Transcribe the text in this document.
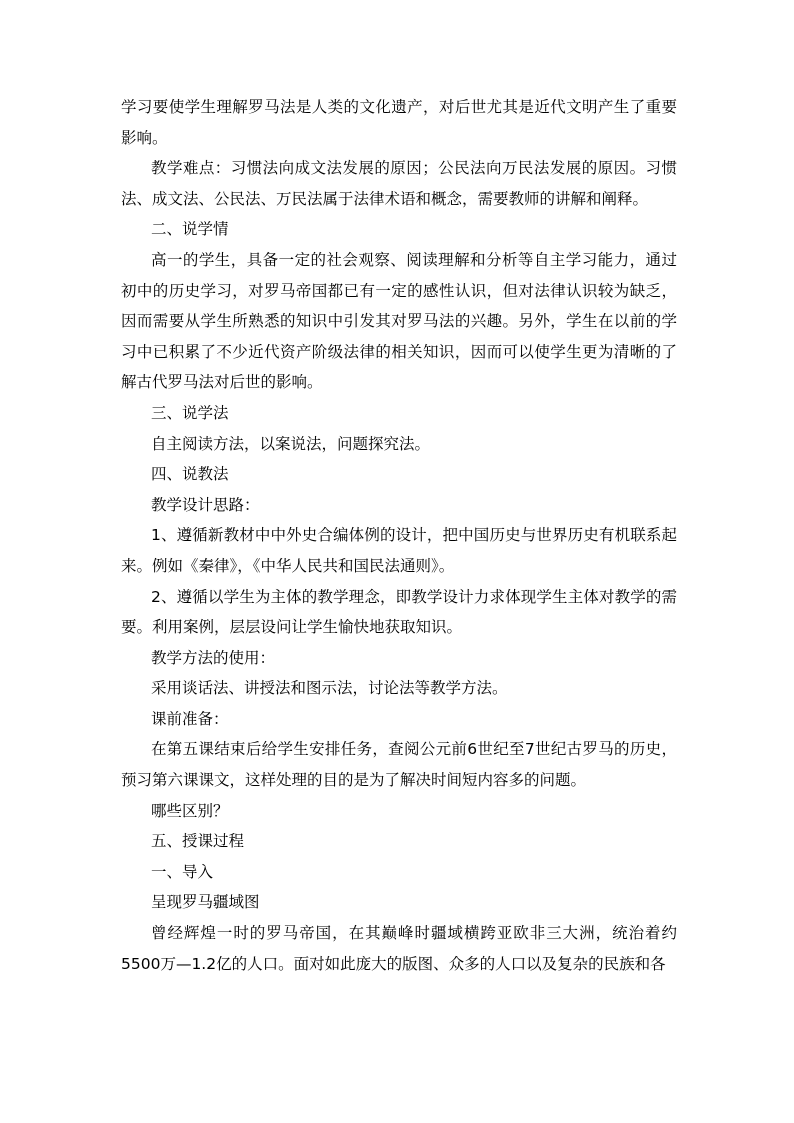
学习要使学生理解罗马法是人类的文化遗产，对后世尤其是近代文明产生了重要影响。

教学难点：习惯法向成文法发展的原因；公民法向万民法发展的原因。习惯法、成文法、公民法、万民法属于法律术语和概念，需要教师的讲解和阐释。

二、说学情

高一的学生，具备一定的社会观察、阅读理解和分析等自主学习能力，通过初中的历史学习，对罗马帝国都已有一定的感性认识，但对法律认识较为缺乏，因而需要从学生所熟悉的知识中引发其对罗马法的兴趣。另外，学生在以前的学习中已积累了不少近代资产阶级法律的相关知识，因而可以使学生更为清晰的了解古代罗马法对后世的影响。

三、说学法

自主阅读方法，以案说法，问题探究法。

四、说教法

教学设计思路：

1、遵循新教材中中外史合编体例的设计，把中国历史与世界历史有机联系起来。例如《秦律》，《中华人民共和国民法通则》。

2、遵循以学生为主体的教学理念，即教学设计力求体现学生主体对教学的需要。利用案例，层层设问让学生愉快地获取知识。

教学方法的使用：

采用谈话法、讲授法和图示法，讨论法等教学方法。

课前准备：

在第五课结束后给学生安排任务，查阅公元前6世纪至7世纪古罗马的历史，预习第六课课文，这样处理的目的是为了解决时间短内容多的问题。

哪些区别？

五、授课过程

一、导入

呈现罗马疆域图

曾经辉煌一时的罗马帝国，在其巅峰时疆域横跨亚欧非三大洲，统治着约5500万—1.2亿的人口。面对如此庞大的版图、众多的人口以及复杂的民族和各
